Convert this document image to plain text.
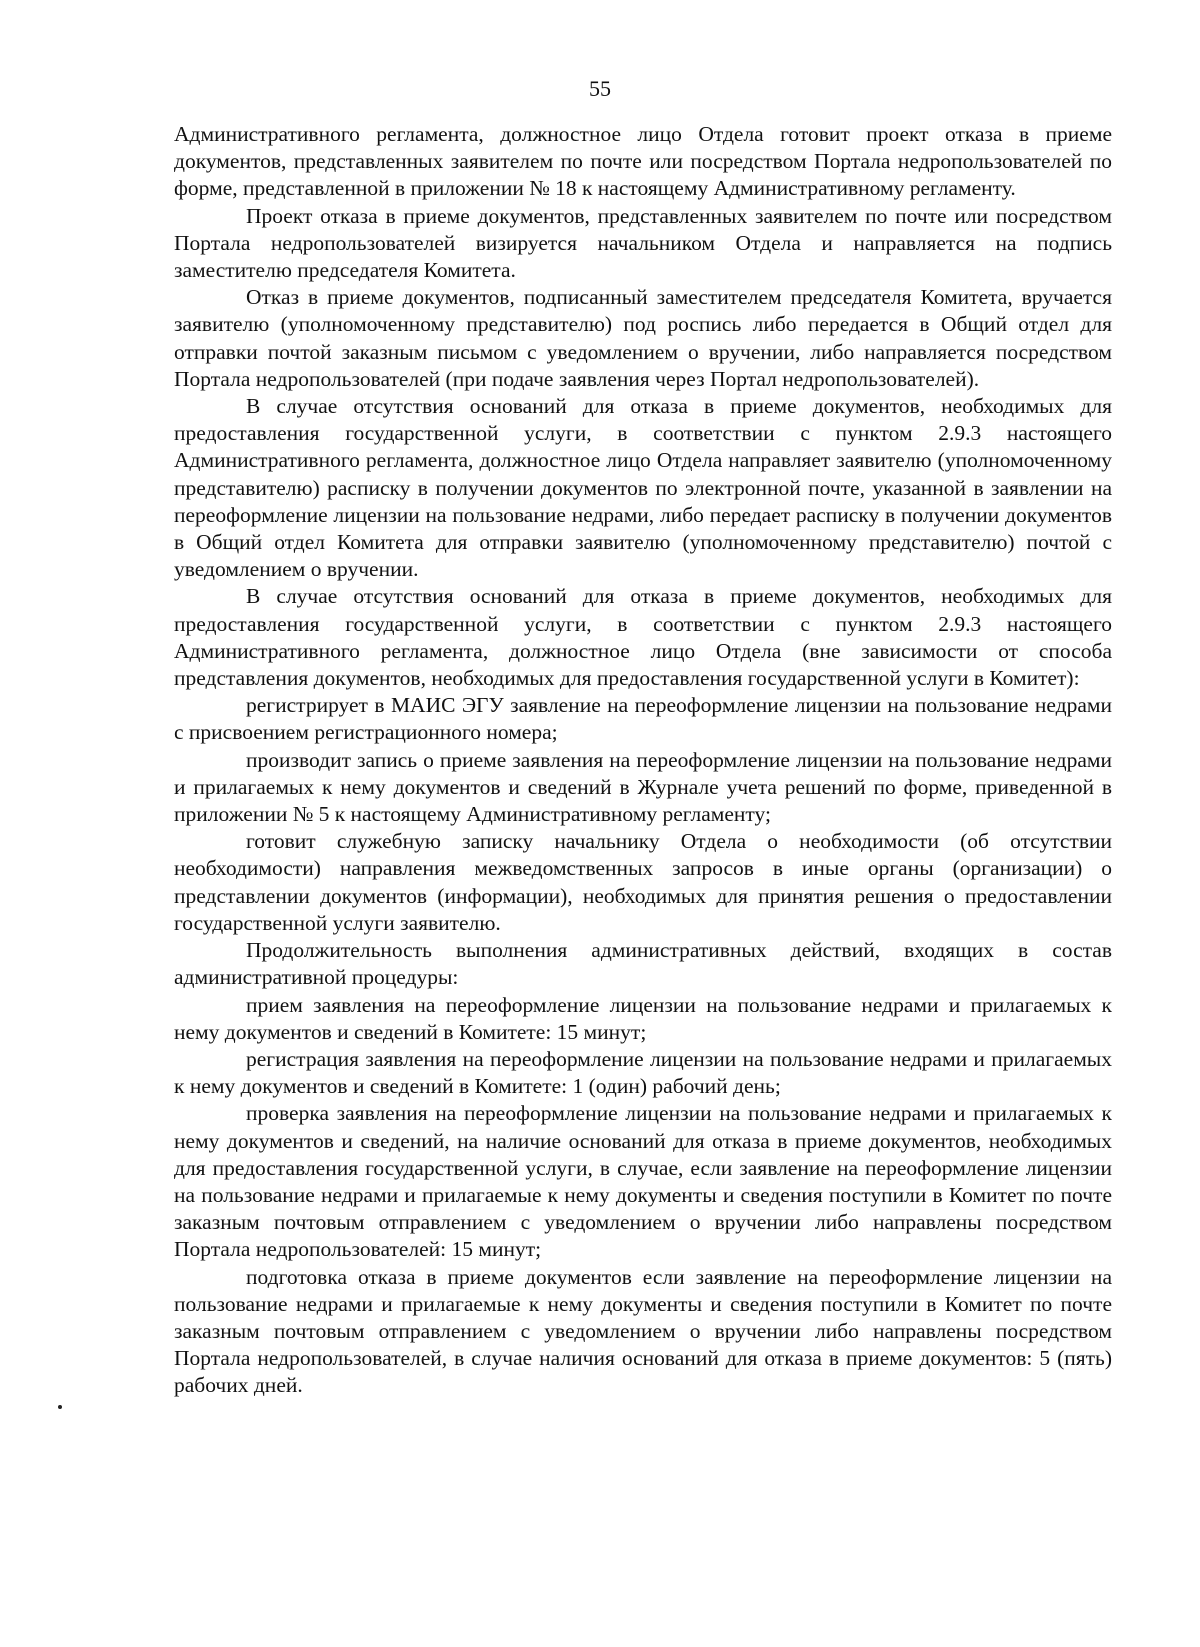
55

Административного регламента, должностное лицо Отдела готовит проект отказа в приеме документов, представленных заявителем по почте или посредством Портала недропользователей по форме, представленной в приложении № 18 к настоящему Административному регламенту.

Проект отказа в приеме документов, представленных заявителем по почте или посредством Портала недропользователей визируется начальником Отдела и направляется на подпись заместителю председателя Комитета.

Отказ в приеме документов, подписанный заместителем председателя Комитета, вручается заявителю (уполномоченному представителю) под роспись либо передается в Общий отдел для отправки почтой заказным письмом с уведомлением о вручении, либо направляется посредством Портала недропользователей (при подаче заявления через Портал недропользователей).

В случае отсутствия оснований для отказа в приеме документов, необходимых для предоставления государственной услуги, в соответствии с пунктом 2.9.3 настоящего Административного регламента, должностное лицо Отдела направляет заявителю (уполномоченному представителю) расписку в получении документов по электронной почте, указанной в заявлении на переоформление лицензии на пользование недрами, либо передает расписку в получении документов в Общий отдел Комитета для отправки заявителю (уполномоченному представителю) почтой с уведомлением о вручении.

В случае отсутствия оснований для отказа в приеме документов, необходимых для предоставления государственной услуги, в соответствии с пунктом 2.9.3 настоящего Административного регламента, должностное лицо Отдела (вне зависимости от способа представления документов, необходимых для предоставления государственной услуги в Комитет):

регистрирует в МАИС ЭГУ заявление на переоформление лицензии на пользование недрами с присвоением регистрационного номера;

производит запись о приеме заявления на переоформление лицензии на пользование недрами и прилагаемых к нему документов и сведений в Журнале учета решений по форме, приведенной в приложении № 5 к настоящему Административному регламенту;

готовит служебную записку начальнику Отдела о необходимости (об отсутствии необходимости) направления межведомственных запросов в иные органы (организации) о представлении документов (информации), необходимых для принятия решения о предоставлении государственной услуги заявителю.

Продолжительность выполнения административных действий, входящих в состав административной процедуры:

прием заявления на переоформление лицензии на пользование недрами и прилагаемых к нему документов и сведений в Комитете: 15 минут;

регистрация заявления на переоформление лицензии на пользование недрами и прилагаемых к нему документов и сведений в Комитете: 1 (один) рабочий день;

проверка заявления на переоформление лицензии на пользование недрами и прилагаемых к нему документов и сведений, на наличие оснований для отказа в приеме документов, необходимых для предоставления государственной услуги, в случае, если заявление на переоформление лицензии на пользование недрами и прилагаемые к нему документы и сведения поступили в Комитет по почте заказным почтовым отправлением с уведомлением о вручении либо направлены посредством Портала недропользователей: 15 минут;

подготовка отказа в приеме документов если заявление на переоформление лицензии на пользование недрами и прилагаемые к нему документы и сведения поступили в Комитет по почте заказным почтовым отправлением с уведомлением о вручении либо направлены посредством Портала недропользователей, в случае наличия оснований для отказа в приеме документов: 5 (пять) рабочих дней.
